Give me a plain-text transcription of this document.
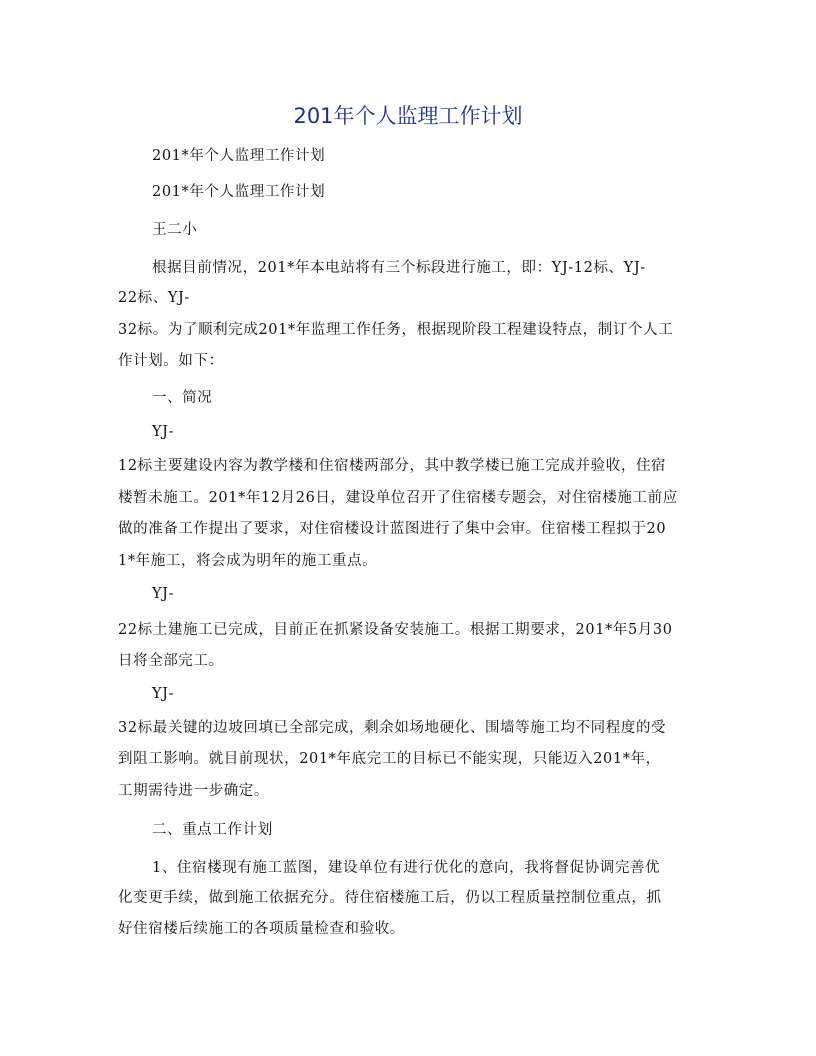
201年个人监理工作计划
201*年个人监理工作计划
201*年个人监理工作计划
王二小
根据目前情况，201*年本电站将有三个标段进行施工，即：YJ-12标、YJ-
22标、YJ-
32标。为了顺利完成201*年监理工作任务，根据现阶段工程建设特点，制订个人工
作计划。如下：
一、简况
YJ-
12标主要建设内容为教学楼和住宿楼两部分，其中教学楼已施工完成并验收，住宿
楼暂未施工。201*年12月26日，建设单位召开了住宿楼专题会，对住宿楼施工前应
做的准备工作提出了要求，对住宿楼设计蓝图进行了集中会审。住宿楼工程拟于20
1*年施工，将会成为明年的施工重点。
YJ-
22标土建施工已完成，目前正在抓紧设备安装施工。根据工期要求，201*年5月30
日将全部完工。
YJ-
32标最关键的边坡回填已全部完成，剩余如场地硬化、围墙等施工均不同程度的受
到阻工影响。就目前现状，201*年底完工的目标已不能实现，只能迈入201*年，
工期需待进一步确定。
二、重点工作计划
1、住宿楼现有施工蓝图，建设单位有进行优化的意向，我将督促协调完善优
化变更手续，做到施工依据充分。待住宿楼施工后，仍以工程质量控制位重点，抓
好住宿楼后续施工的各项质量检查和验收。
